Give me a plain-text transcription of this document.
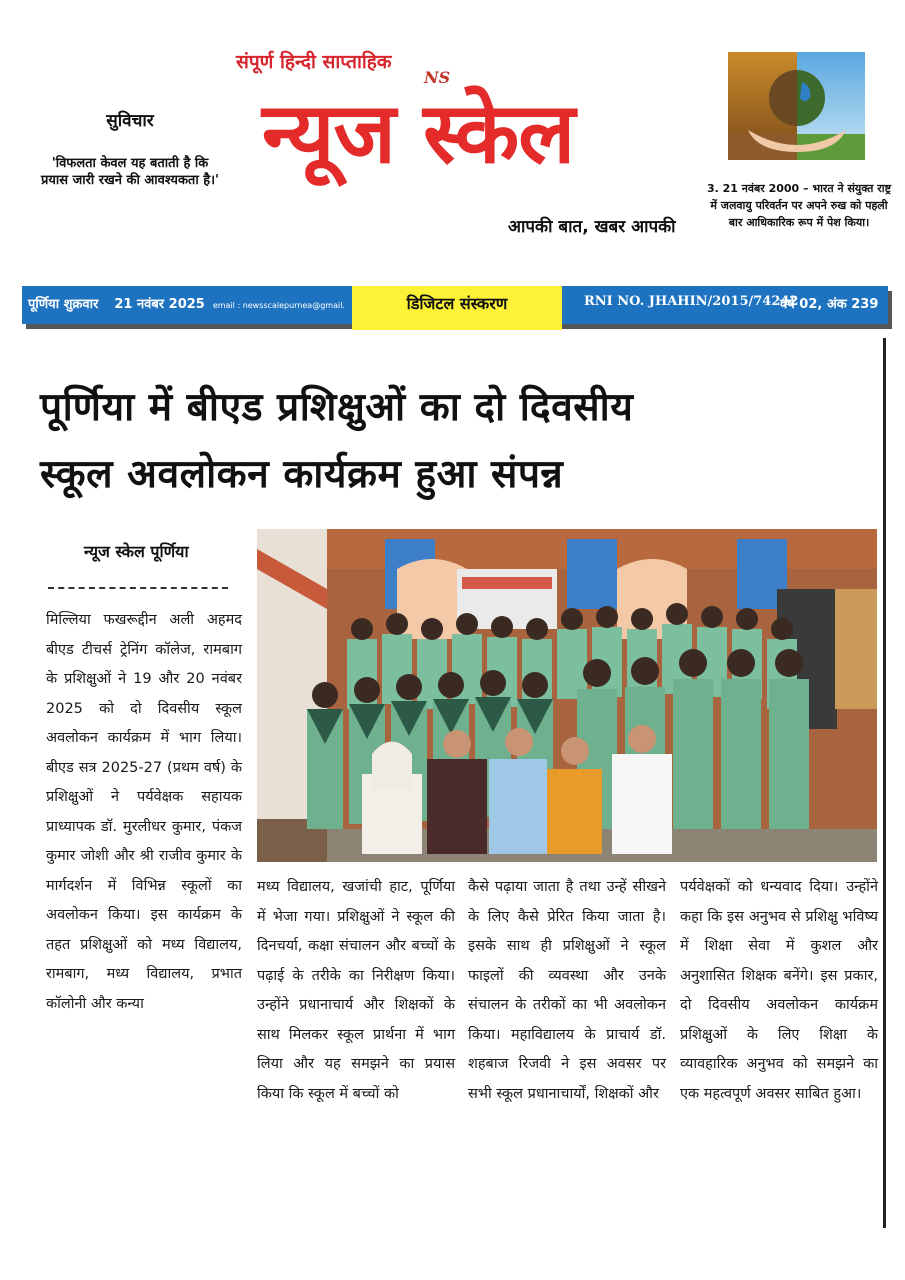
सुविचार
'विफलता केवल यह बताती है कि प्रयास जारी रखने की आवश्यकता है।'
संपूर्ण हिन्दी साप्ताहिक
NS
न्यूज स्केल
आपकी बात, खबर आपकी
3. 21 नवंबर 2000 – भारत ने संयुक्त राष्ट्र में जलवायु परिवर्तन पर अपने रुख को पहली बार आधिकारिक रूप में पेश किया।
पूर्णिया शुक्रवार 21 नवंबर 2025 email : newsscalepurnea@gmail.	डिजिटल संस्करण	RNI NO. JHAHIN/2015/74242
वर्ष 02, अंक 239
पूर्णिया में बीएड प्रशिक्षुओं का दो दिवसीय
स्कूल अवलोकन कार्यक्रम हुआ संपन्न
न्यूज स्केल पूर्णिया
मिल्लिया फखरूद्दीन अली अहमद बीएड टीचर्स ट्रेनिंग कॉलेज, रामबाग के प्रशिक्षुओं ने 19 और 20 नवंबर 2025 को दो दिवसीय स्कूल अवलोकन कार्यक्रम में भाग लिया। बीएड सत्र 2025-27 (प्रथम वर्ष) के प्रशिक्षुओं ने पर्यवेक्षक सहायक प्राध्यापक डॉ. मुरलीधर कुमार, पंकज कुमार जोशी और श्री राजीव कुमार के मार्गदर्शन में विभिन्न स्कूलों का अवलोकन किया। इस कार्यक्रम के तहत प्रशिक्षुओं को मध्य विद्यालय, रामबाग, मध्य विद्यालय, प्रभात कॉलोनी और कन्या
मध्य विद्यालय, खजांची हाट, पूर्णिया में भेजा गया। प्रशिक्षुओं ने स्कूल की दिनचर्या, कक्षा संचालन और बच्चों के पढ़ाई के तरीके का निरीक्षण किया। उन्होंने प्रधानाचार्य और शिक्षकों के साथ मिलकर स्कूल प्रार्थना में भाग लिया और यह समझने का प्रयास किया कि स्कूल में बच्चों को
कैसे पढ़ाया जाता है तथा उन्हें सीखने के लिए कैसे प्रेरित किया जाता है। इसके साथ ही प्रशिक्षुओं ने स्कूल फाइलों की व्यवस्था और उनके संचालन के तरीकों का भी अवलोकन किया। महाविद्यालय के प्राचार्य डॉ. शहबाज रिजवी ने इस अवसर पर सभी स्कूल प्रधानाचार्यों, शिक्षकों और
पर्यवेक्षकों को धन्यवाद दिया। उन्होंने कहा कि इस अनुभव से प्रशिक्षु भविष्य में शिक्षा सेवा में कुशल और अनुशासित शिक्षक बनेंगे। इस प्रकार, दो दिवसीय अवलोकन कार्यक्रम प्रशिक्षुओं के लिए शिक्षा के व्यावहारिक अनुभव को समझने का एक महत्वपूर्ण अवसर साबित हुआ।
